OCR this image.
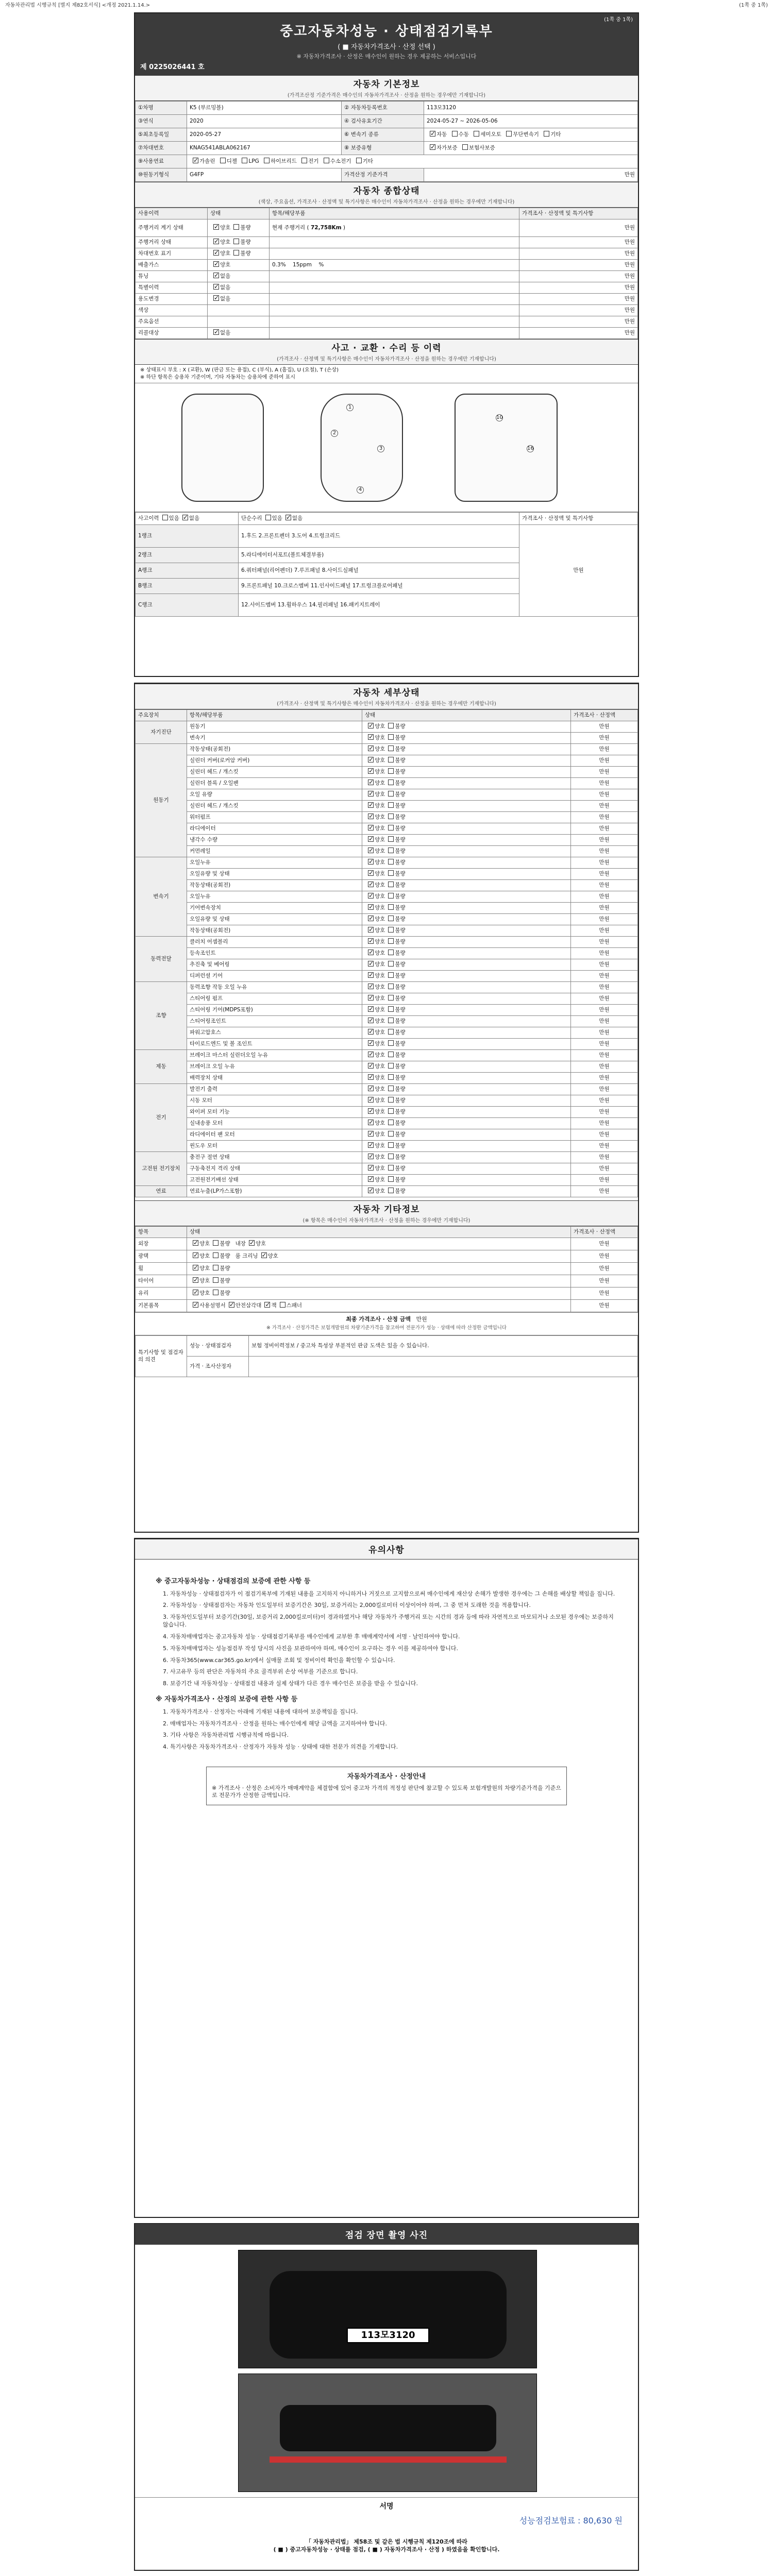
자동차관리법 시행규칙 [별지 제82호서식] <개정 2021.1.14.>	(1쪽 중 1쪽)
(1쪽 중 1쪽)
중고자동차성능 · 상태점검기록부
( ■ 자동차가격조사 · 산정 선택 )
※ 자동차가격조사 · 산정은 매수인이 원하는 경우 제공하는 서비스입니다
제 0225026441 호
자동차 기본정보
(가격조산정 기준가격은 매수인의 자동차가격조사 · 산정을 원하는 경우에만 기재합니다)
①차명	K5 (부르밍블)	② 자동차등록번호	113모3120
③연식	2020	④ 검사유효기간	2024-05-27 ~ 2026-05-06
⑤최초등록일	2020-05-27	⑥ 변속기 종류	✓자동 수동 세미오토 무단변속기 기타
⑦차대번호	KNAG541ABLA062167	⑧ 보증유형	✓자가보증 보험사보증
⑨사용연료	✓가솔린 디젤 LPG 하이브리드 전기 수소전기 기타
⑩원동기형식	G4FP	가격산정 기준가격	만원
자동차 종합상태
(색상, 주요옵션, 가격조사 · 산정액 및 특기사항은 매수인이 자동차가격조사 · 산정을 원하는 경우에만 기재합니다)
사용이력	상태	항목/해당부품	가격조사 · 산정액 및 특기사항
주행거리 계기 상태	✓양호 불량	현재 주행거리 ( 72,758Km )	만원
주행거리 상태	✓양호 불량		만원
차대번호 표기	✓양호 불량		만원
배출가스	✓양호	0.3% 15ppm %	만원
튜닝	✓없음		만원
특별이력	✓없음		만원
용도변경	✓없음		만원
색상			만원
주요옵션			만원
리콜대상	✓없음		만원
사고 · 교환 · 수리 등 이력
(가격조사 · 산정액 및 특기사항은 매수인이 자동차가격조사 · 산정을 원하는 경우에만 기재합니다)
※ 상태표시 부호 : X (교환), W (판금 또는 용접), C (부식), A (흠집), U (요철), T (손상)
※ 하단 항목은 승용차 기준이며, 기타 자동차는 승용차에 준하여 표시
1
2
3
4
10
16
사고이력 있음 ✓ 없음	단순수리 있음 ✓ 없음	가격조사 · 산정액 및 특기사항
1랭크	1.후드 2.프론트펜더 3.도어 4.트렁크리드	만원
2랭크	5.라디에이터서포트(볼트체결부품)	
A랭크	6.쿼터패널(리어펜더) 7.루프패널 8.사이드실패널	
B랭크	9.프론트패널 10.크로스멤버 11.인사이드패널 17.트렁크플로어패널	
C랭크	12.사이드멤버 13.휠하우스 14.필러패널 16.패키지트레이	
자동차 세부상태
(가격조사 · 산정액 및 특기사항은 매수인이 자동차가격조사 · 산정을 원하는 경우에만 기재합니다)
주요장치	항목/해당부품	상태	가격조사 · 산정액
자기진단	원동기	✓양호 불량	만원
	변속기	✓양호 불량	만원
원동기	작동상태(공회전)	✓양호 불량	만원
	실린더 커버(로커암 커버)	✓양호 불량	만원
	실린더 헤드 / 개스킷	✓양호 불량	만원
	실린더 블록 / 오일팬	✓양호 불량	만원
	오일 유량	✓양호 불량	만원
	실린더 헤드 / 개스킷	✓양호 불량	만원
	워터펌프	✓양호 불량	만원
	라디에이터	✓양호 불량	만원
	냉각수 수량	✓양호 불량	만원
	커먼레일	✓양호 불량	만원
변속기	오일누유	✓양호 불량	만원
	오일유량 및 상태	✓양호 불량	만원
	작동상태(공회전)	✓양호 불량	만원
	오일누유	✓양호 불량	만원
	기어변속장치	✓양호 불량	만원
	오일유량 및 상태	✓양호 불량	만원
	작동상태(공회전)	✓양호 불량	만원
동력전달	클러치 어셈블리	✓양호 불량	만원
	등속조인트	✓양호 불량	만원
	추진축 및 베어링	✓양호 불량	만원
	디퍼런셜 기어	✓양호 불량	만원
조향	동력조향 작동 오일 누유	✓양호 불량	만원
	스티어링 펌프	✓양호 불량	만원
	스티어링 기어(MDPS포함)	✓양호 불량	만원
	스티어링조인트	✓양호 불량	만원
	파워고압호스	✓양호 불량	만원
	타이로드엔드 및 볼 조인트	✓양호 불량	만원
제동	브레이크 마스터 실린더오일 누유	✓양호 불량	만원
	브레이크 오일 누유	✓양호 불량	만원
	배력장치 상태	✓양호 불량	만원
전기	발전기 출력	✓양호 불량	만원
	시동 모터	✓양호 불량	만원
	와이퍼 모터 기능	✓양호 불량	만원
	실내송풍 모터	✓양호 불량	만원
	라디에이터 팬 모터	✓양호 불량	만원
	윈도우 모터	✓양호 불량	만원
고전원 전기장치	충전구 절연 상태	✓양호 불량	만원
	구동축전지 격리 상태	✓양호 불량	만원
	고전원전기배선 상태	✓양호 불량	만원
연료	연료누출(LP가스포함)	✓양호 불량	만원
자동차 기타정보
(※ 항목은 매수인이 자동차가격조사 · 산정을 원하는 경우에만 기재합니다)
항목	상태	가격조사 · 산정액
외장	✓양호 불량 내장 ✓ 양호	만원
광택	✓양호 불량 룸 크리닝 ✓ 양호	만원
휠	✓양호 불량	만원
타이어	✓양호 불량	만원
유리	✓양호 불량	만원
기본품목	✓사용설명서 ✓ 안전삼각대 ✓ 잭 스패너	만원
최종 가격조사 · 산정 금액 만원
※ 가격조사 · 산정가격은 보험개발원의 차량기준가격을 참고하여 전문가가 성능 · 상태에 따라 산정한 금액입니다
특기사항 및 점검자의 의견	성능 · 상태점검자	보험 정비이력정보 / 중고차 특성상 부분적인 판금 도색은 있을 수 있습니다.
	가격 · 조사산정자	
유의사항
※ 중고자동차성능 · 상태점검의 보증에 관한 사항 등

1. 자동차성능 · 상태점검자가 이 점검기록부에 기재된 내용을 고지하지 아니하거나 거짓으로 고지함으로써 매수인에게 재산상 손해가 발생한 경우에는 그 손해를 배상할 책임을 집니다.

2. 자동차성능 · 상태점검자는 자동차 인도일부터 보증기간은 30일, 보증거리는 2,000킬로미터 이상이어야 하며, 그 중 먼저 도래한 것을 적용합니다.

3. 자동차인도일부터 보증기간(30일, 보증거리 2,000킬로미터)이 경과하였거나 해당 자동차가 주행거리 또는 시간의 경과 등에 따라 자연적으로 마모되거나 소모된 경우에는 보증하지 않습니다.

4. 자동차매매업자는 중고자동차 성능 · 상태점검기록부를 매수인에게 교부한 후 매매계약서에 서명 · 날인하여야 합니다.

5. 자동차매매업자는 성능점검부 작성 당시의 사진을 보관하여야 하며, 매수인이 요구하는 경우 이를 제공하여야 합니다.

6. 자동차365(www.car365.go.kr)에서 실매물 조회 및 정비이력 확인을 확인할 수 있습니다.

7. 사고유무 등의 판단은 자동차의 주요 골격부위 손상 여부를 기준으로 합니다.

8. 보증기간 내 자동차성능 · 상태점검 내용과 실제 상태가 다른 경우 매수인은 보증을 받을 수 있습니다.

※ 자동차가격조사 · 산정의 보증에 관한 사항 등

1. 자동차가격조사 · 산정자는 아래에 기재된 내용에 대하여 보증책임을 집니다.

2. 매매업자는 자동차가격조사 · 산정을 원하는 매수인에게 해당 금액을 고지하여야 합니다.

3. 기타 사항은 자동차관리법 시행규칙에 따릅니다.

4. 특기사항은 자동차가격조사 · 산정자가 자동차 성능 · 상태에 대한 전문가 의견을 기재합니다.

자동차가격조사 · 산정안내
※ 가격조사 · 산정은 소비자가 매매계약을 체결함에 있어 중고차 가격의 적정성 판단에 참고할 수 있도록 보험개발원의 차량기준가격을 기준으로 전문가가 산정한 금액입니다.
점검 장면 촬영 사진
113모3120
서명
성능점검보험료 : 80,630 원
「 자동차관리법」 제58조 및 같은 법 시행규칙 제120조에 따라
( ■ ) 중고자동차성능 · 상태를 점검, ( ■ ) 자동차가격조사 · 산정 ) 하였음을 확인합니다.
